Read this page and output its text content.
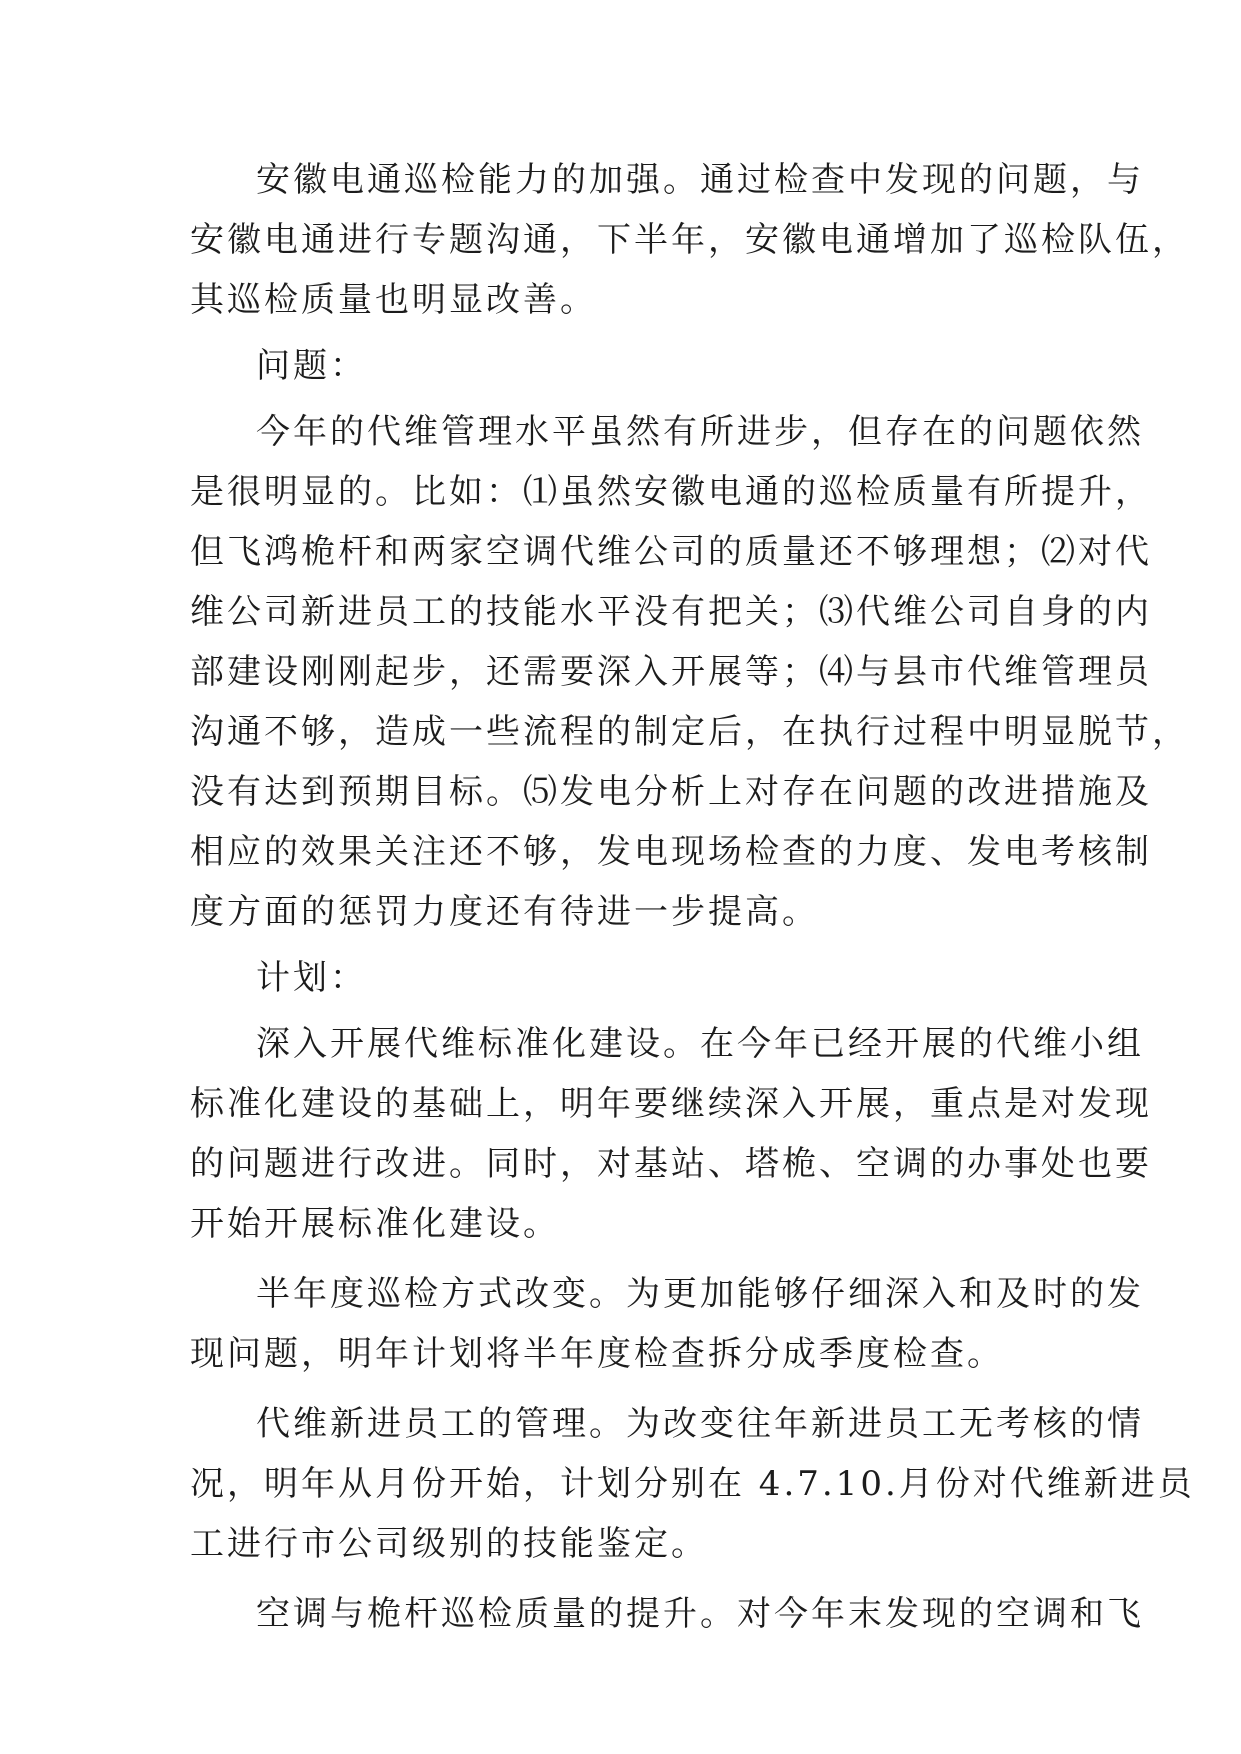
安徽电通巡检能力的加强。通过检查中发现的问题，与
安徽电通进行专题沟通，下半年，安徽电通增加了巡检队伍，
其巡检质量也明显改善。
问题：
今年的代维管理水平虽然有所进步，但存在的问题依然
是很明显的。比如：⑴虽然安徽电通的巡检质量有所提升，
但飞鸿桅杆和两家空调代维公司的质量还不够理想；⑵对代
维公司新进员工的技能水平没有把关；⑶代维公司自身的内
部建设刚刚起步，还需要深入开展等；⑷与县市代维管理员
沟通不够，造成一些流程的制定后，在执行过程中明显脱节，
没有达到预期目标。⑸发电分析上对存在问题的改进措施及
相应的效果关注还不够，发电现场检查的力度、发电考核制
度方面的惩罚力度还有待进一步提高。
计划：
深入开展代维标准化建设。在今年已经开展的代维小组
标准化建设的基础上，明年要继续深入开展，重点是对发现
的问题进行改进。同时，对基站、塔桅、空调的办事处也要
开始开展标准化建设。
半年度巡检方式改变。为更加能够仔细深入和及时的发
现问题，明年计划将半年度检查拆分成季度检查。
代维新进员工的管理。为改变往年新进员工无考核的情
况，明年从月份开始，计划分别在 4.7.10.月份对代维新进员
工进行市公司级别的技能鉴定。
空调与桅杆巡检质量的提升。对今年末发现的空调和飞
